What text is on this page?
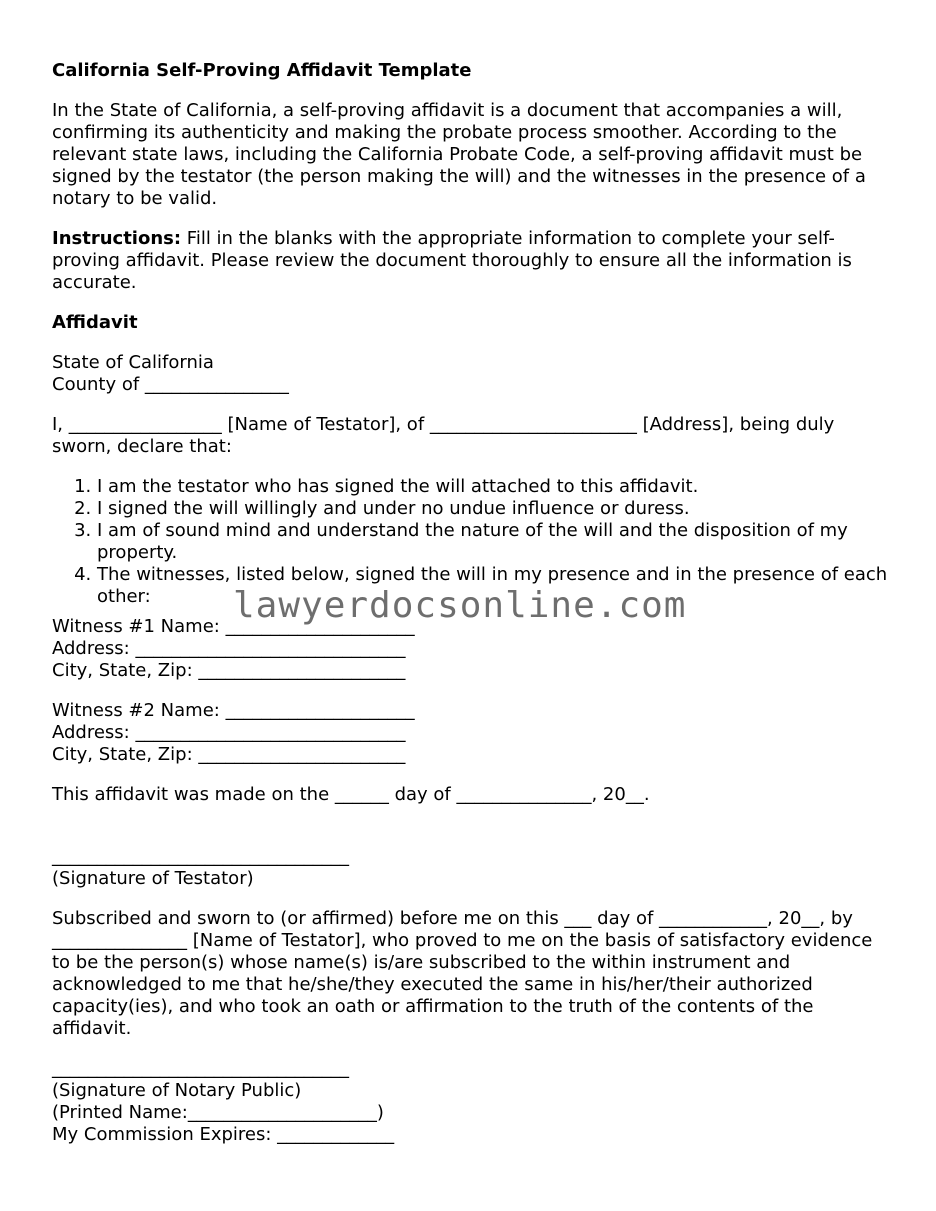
California Self-Proving Affidavit Template

In the State of California, a self-proving affidavit is a document that accompanies a will, confirming its authenticity and making the probate process smoother. According to the relevant state laws, including the California Probate Code, a self-proving affidavit must be signed by the testator (the person making the will) and the witnesses in the presence of a notary to be valid.

Instructions: Fill in the blanks with the appropriate information to complete your self-proving affidavit. Please review the document thoroughly to ensure all the information is accurate.

Affidavit

State of California

County of ________________

I, _________________ [Name of Testator], of _______________________ [Address], being duly sworn, declare that:

1. I am the testator who has signed the will attached to this affidavit.
2. I signed the will willingly and under no undue influence or duress.
3. I am of sound mind and understand the nature of the will and the disposition of my property.
4. The witnesses, listed below, signed the will in my presence and in the presence of each other:

Witness #1 Name: _____________________

Address: ______________________________

City, State, Zip: _______________________

Witness #2 Name: _____________________

Address: ______________________________

City, State, Zip: _______________________

This affidavit was made on the ______ day of _______________, 20__.

_________________________________

(Signature of Testator)

Subscribed and sworn to (or affirmed) before me on this ___ day of ____________, 20__, by _______________ [Name of Testator], who proved to me on the basis of satisfactory evidence to be the person(s) whose name(s) is/are subscribed to the within instrument and acknowledged to me that he/she/they executed the same in his/her/their authorized capacity(ies), and who took an oath or affirmation to the truth of the contents of the affidavit.

_________________________________

(Signature of Notary Public)

(Printed Name:_____________________)

My Commission Expires: _____________

lawyerdocsonline.com
